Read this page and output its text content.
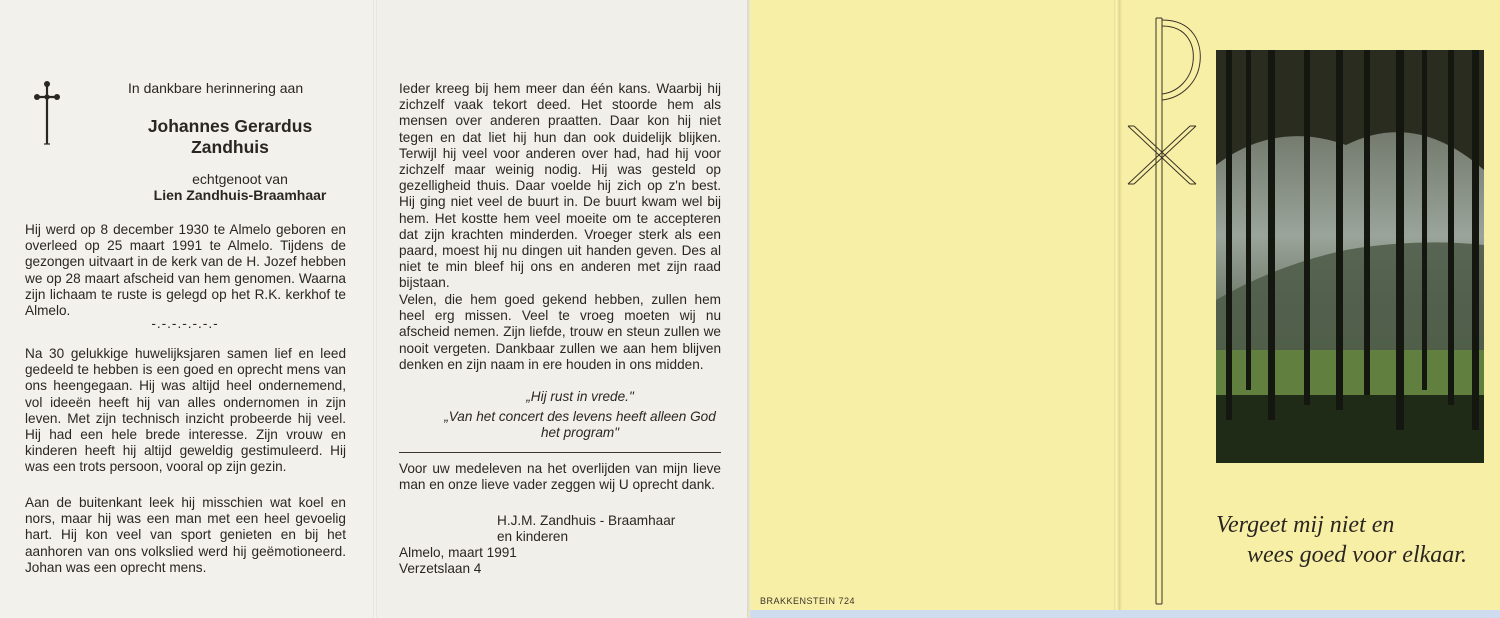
In dankbare herinnering aan
Johannes Gerardus
Zandhuis
echtgenoot van
Lien Zandhuis-Braamhaar
Hij werd op 8 december 1930 te Almelo geboren en overleed op 25 maart 1991 te Almelo. Tijdens de gezongen uitvaart in de kerk van de H. Jozef hebben we op 28 maart afscheid van hem genomen. Waarna zijn lichaam te ruste is gelegd op het R.K. kerkhof te Almelo.
-.-.-.-.-.-.-
Na 30 gelukkige huwelijksjaren samen lief en leed gedeeld te hebben is een goed en oprecht mens van ons heengegaan. Hij was altijd heel ondernemend, vol ideeën heeft hij van alles ondernomen in zijn leven. Met zijn technisch inzicht probeerde hij veel. Hij had een hele brede interesse. Zijn vrouw en kinderen heeft hij altijd geweldig gestimuleerd. Hij was een trots persoon, vooral op zijn gezin.
Aan de buitenkant leek hij misschien wat koel en nors, maar hij was een man met een heel gevoelig hart. Hij kon veel van sport genieten en bij het aanhoren van ons volkslied werd hij geëmotioneerd. Johan was een oprecht mens.
Ieder kreeg bij hem meer dan één kans. Waarbij hij zichzelf vaak tekort deed. Het stoorde hem als mensen over anderen praatten. Daar kon hij niet tegen en dat liet hij hun dan ook duidelijk blijken. Terwijl hij veel voor anderen over had, had hij voor zichzelf maar weinig nodig. Hij was gesteld op gezelligheid thuis. Daar voelde hij zich op z'n best. Hij ging niet veel de buurt in. De buurt kwam wel bij hem. Het kostte hem veel moeite om te accepteren dat zijn krachten minderden. Vroeger sterk als een paard, moest hij nu dingen uit handen geven. Des al niet te min bleef hij ons en anderen met zijn raad bijstaan.
Velen, die hem goed gekend hebben, zullen hem heel erg missen. Veel te vroeg moeten wij nu afscheid nemen. Zijn liefde, trouw en steun zullen we nooit vergeten. Dankbaar zullen we aan hem blijven denken en zijn naam in ere houden in ons midden.
„Hij rust in vrede."
„Van het concert des levens heeft alleen God het program"
Voor uw medeleven na het overlijden van mijn lieve man en onze lieve vader zeggen wij U oprecht dank.
H.J.M. Zandhuis - Braamhaar
en kinderen
Almelo, maart 1991
Verzetslaan 4
BRAKKENSTEIN 724
Vergeet mij niet en
wees goed voor elkaar.
